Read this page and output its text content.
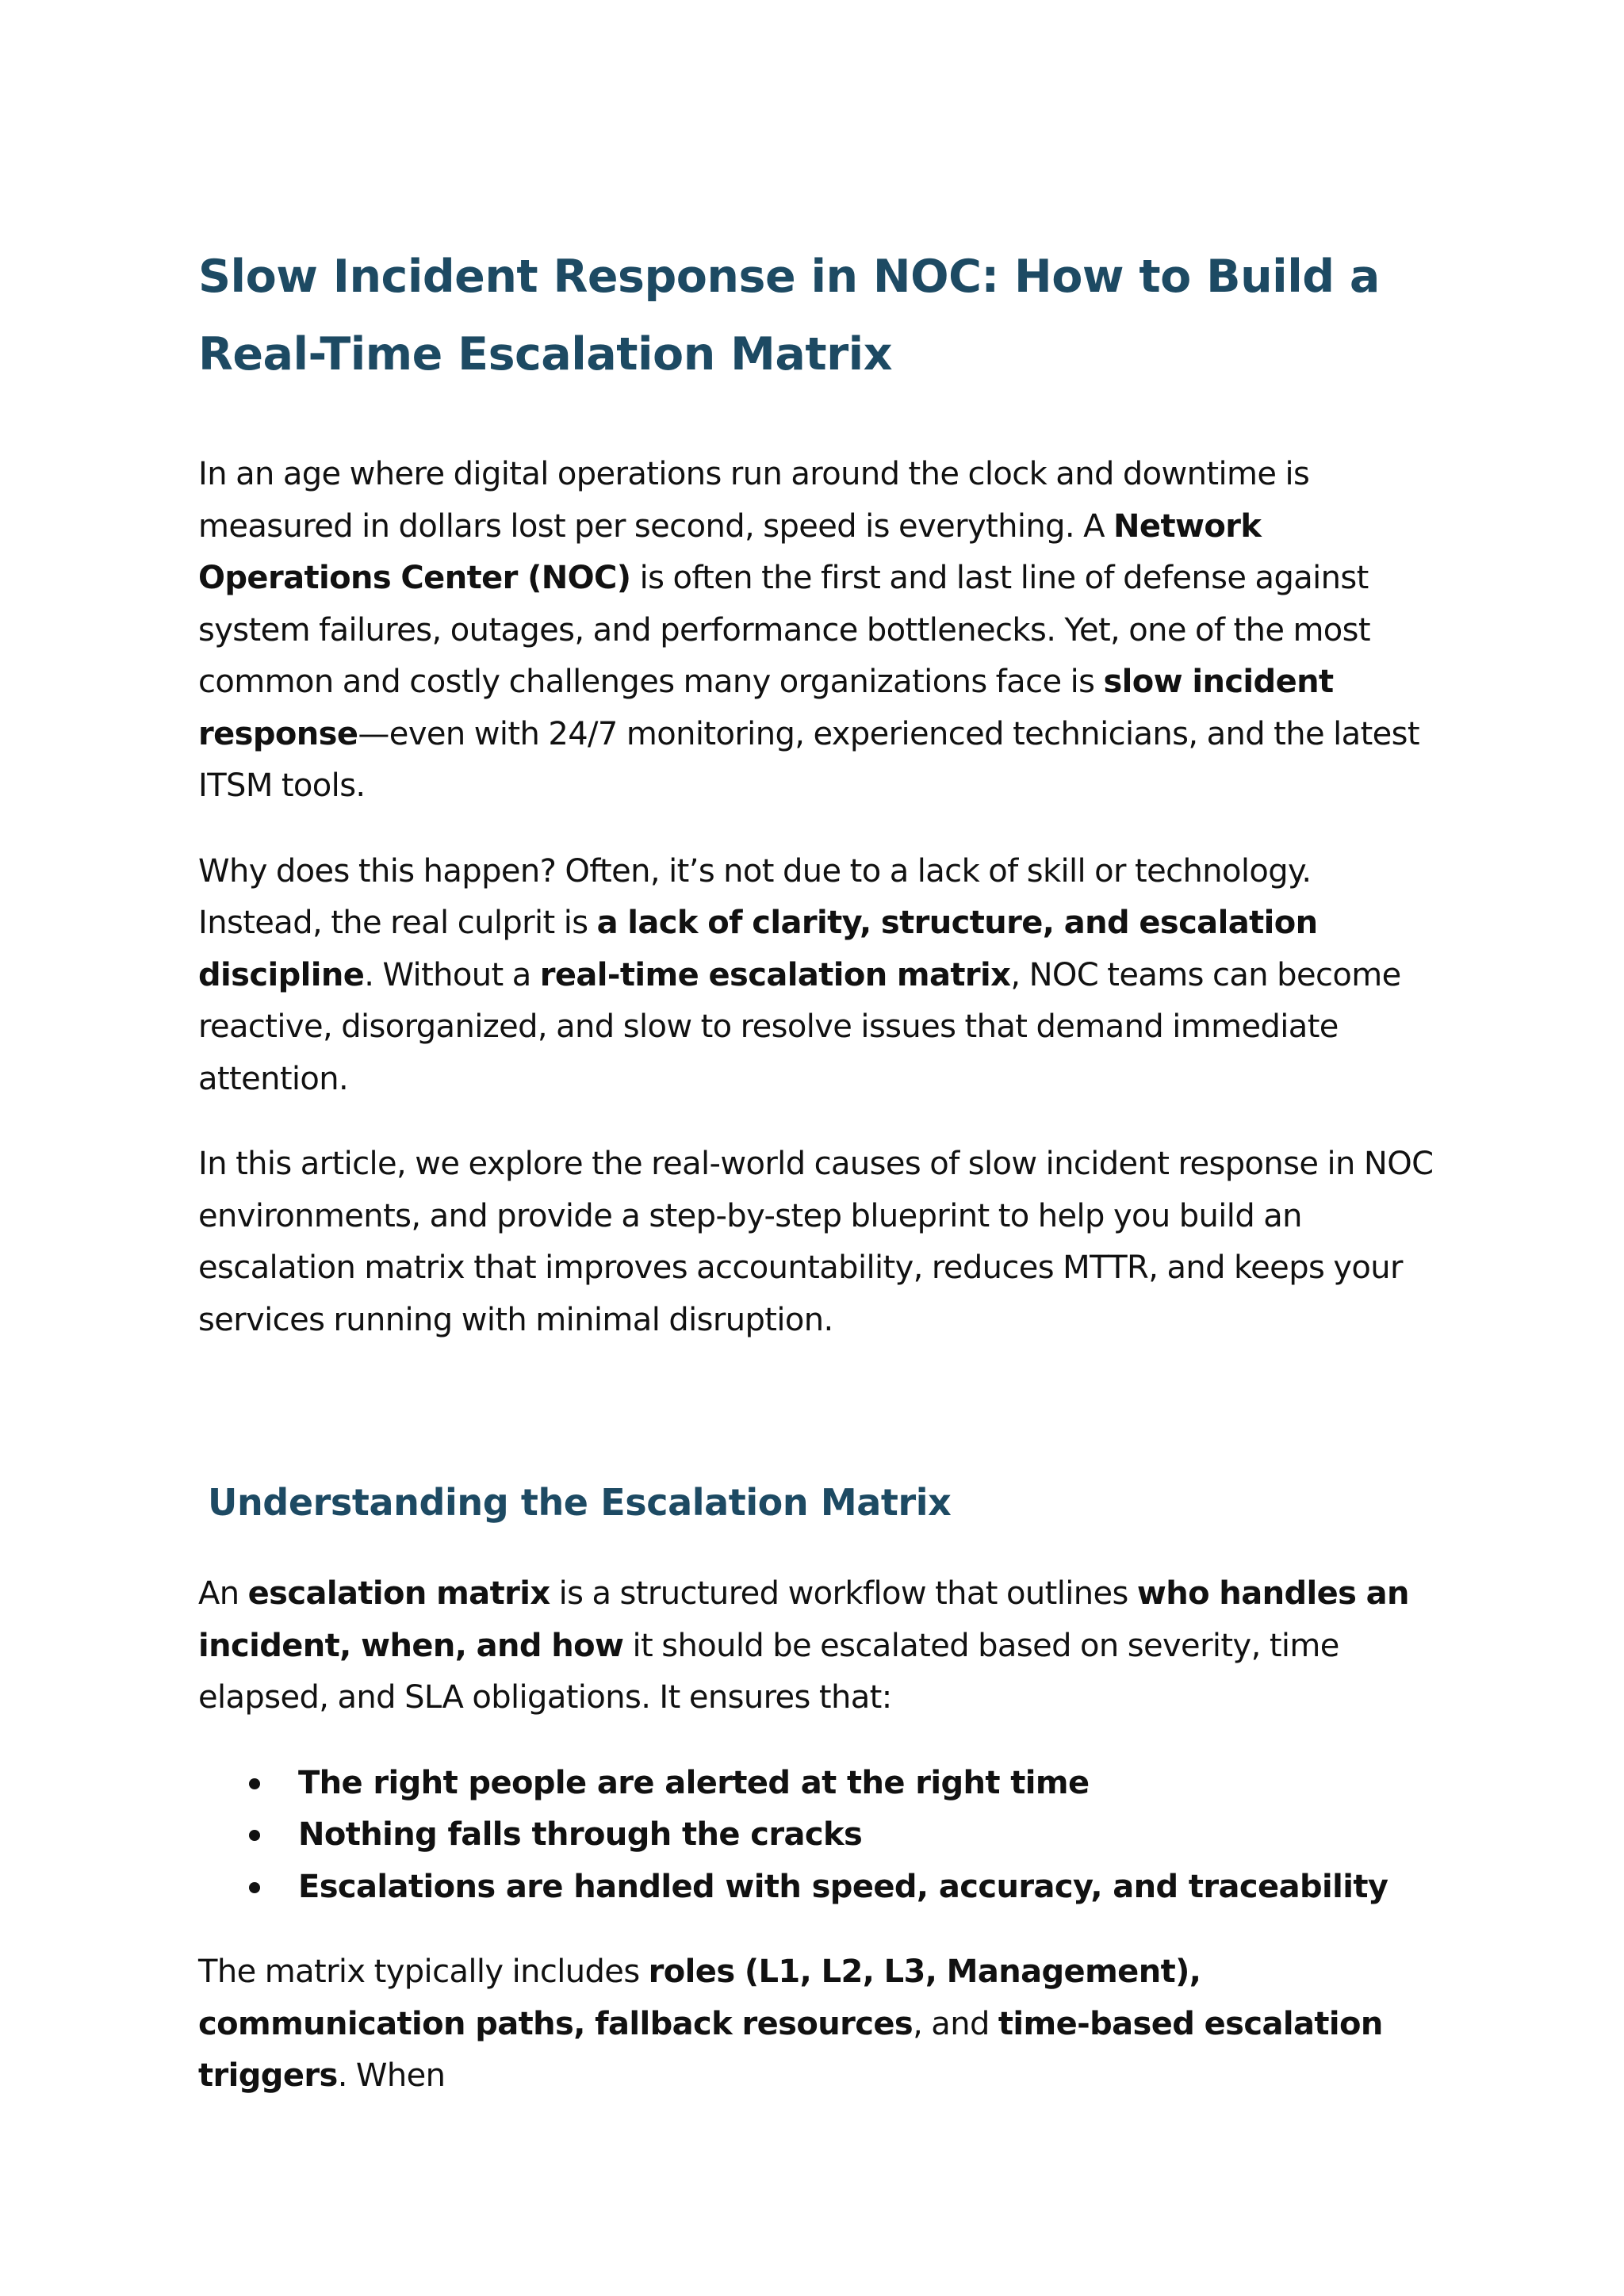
Slow Incident Response in NOC: How to Build a Real-Time Escalation Matrix

In an age where digital operations run around the clock and downtime is measured in dollars lost per second, speed is everything. A Network Operations Center (NOC) is often the first and last line of defense against system failures, outages, and performance bottlenecks. Yet, one of the most common and costly challenges many organizations face is slow incident response—even with 24/7 monitoring, experienced technicians, and the latest ITSM tools.

Why does this happen? Often, it’s not due to a lack of skill or technology. Instead, the real culprit is a lack of clarity, structure, and escalation discipline. Without a real-time escalation matrix, NOC teams can become reactive, disorganized, and slow to resolve issues that demand immediate attention.

In this article, we explore the real-world causes of slow incident response in NOC environments, and provide a step-by-step blueprint to help you build an escalation matrix that improves accountability, reduces MTTR, and keeps your services running with minimal disruption.

Understanding the Escalation Matrix

An escalation matrix is a structured workflow that outlines who handles an incident, when, and how it should be escalated based on severity, time elapsed, and SLA obligations. It ensures that:

The right people are alerted at the right time
Nothing falls through the cracks
Escalations are handled with speed, accuracy, and traceability

The matrix typically includes roles (L1, L2, L3, Management), communication paths, fallback resources, and time-based escalation triggers. When
